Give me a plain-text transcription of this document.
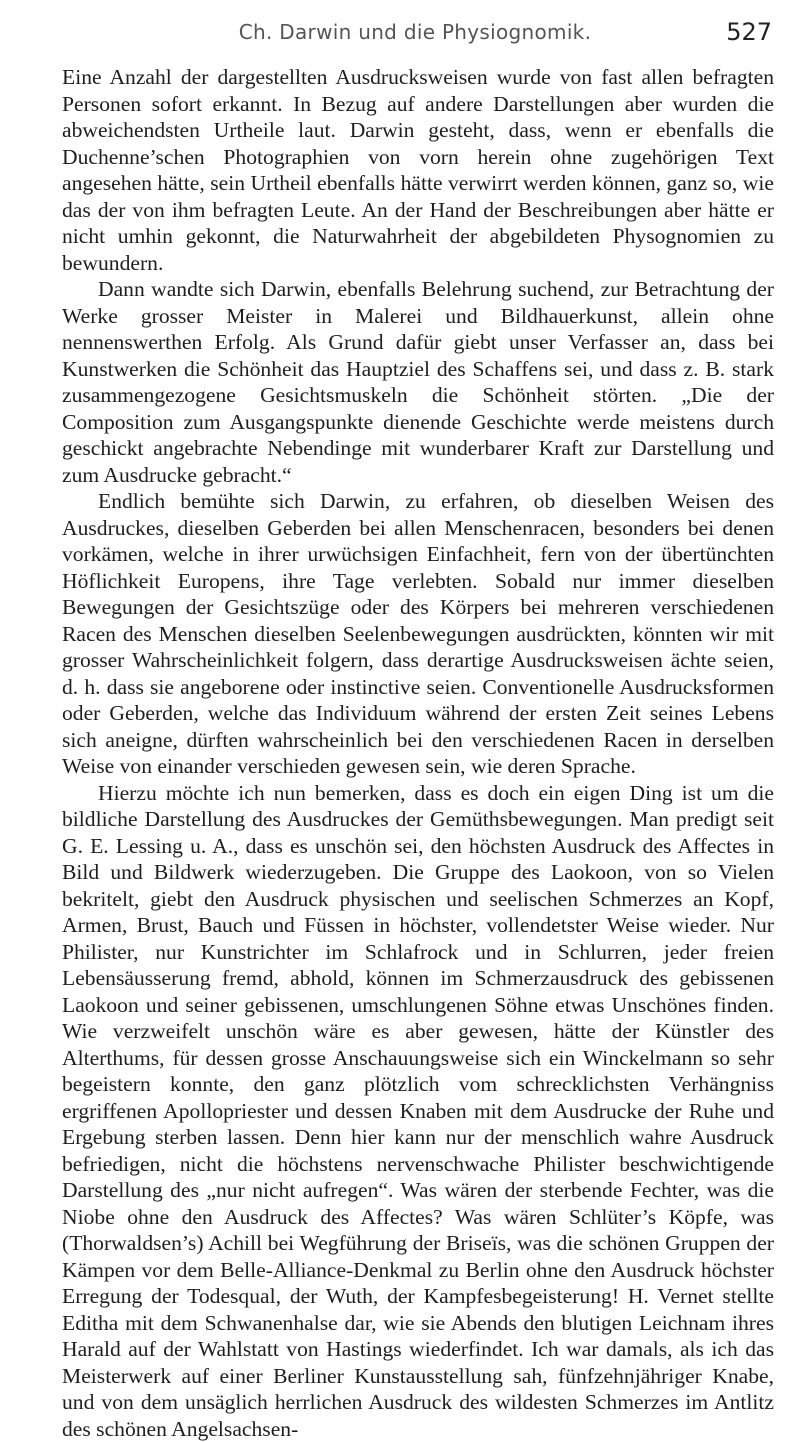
Ch. Darwin und die Physiognomik.	527

Eine Anzahl der dargestellten Ausdrucksweisen wurde von fast allen befragten Personen sofort erkannt. In Bezug auf andere Darstellungen aber wurden die abweichendsten Urtheile laut. Darwin gesteht, dass, wenn er ebenfalls die Duchenne’schen Photographien von vorn herein ohne zugehörigen Text angesehen hätte, sein Urtheil ebenfalls hätte verwirrt werden können, ganz so, wie das der von ihm befragten Leute. An der Hand der Beschreibungen aber hätte er nicht umhin gekonnt, die Naturwahrheit der abgebildeten Physognomien zu bewundern.

Dann wandte sich Darwin, ebenfalls Belehrung suchend, zur Betrachtung der Werke grosser Meister in Malerei und Bildhauerkunst, allein ohne nennenswerthen Erfolg. Als Grund dafür giebt unser Verfasser an, dass bei Kunstwerken die Schönheit das Hauptziel des Schaffens sei, und dass z. B. stark zusammengezogene Gesichtsmuskeln die Schönheit störten. „Die der Composition zum Ausgangspunkte dienende Geschichte werde meistens durch geschickt angebrachte Nebendinge mit wunderbarer Kraft zur Darstellung und zum Ausdrucke gebracht.“

Endlich bemühte sich Darwin, zu erfahren, ob dieselben Weisen des Ausdruckes, dieselben Geberden bei allen Menschenracen, besonders bei denen vorkämen, welche in ihrer urwüchsigen Einfachheit, fern von der übertünchten Höflichkeit Europens, ihre Tage verlebten. Sobald nur immer dieselben Bewegungen der Gesichtszüge oder des Körpers bei mehreren verschiedenen Racen des Menschen dieselben Seelenbewegungen ausdrückten, könnten wir mit grosser Wahrscheinlichkeit folgern, dass derartige Ausdrucksweisen ächte seien, d. h. dass sie angeborene oder instinctive seien. Conventionelle Ausdrucksformen oder Geberden, welche das Individuum während der ersten Zeit seines Lebens sich aneigne, dürften wahrscheinlich bei den verschiedenen Racen in derselben Weise von einander verschieden gewesen sein, wie deren Sprache.

Hierzu möchte ich nun bemerken, dass es doch ein eigen Ding ist um die bildliche Darstellung des Ausdruckes der Gemüthsbewegungen. Man predigt seit G. E. Lessing u. A., dass es unschön sei, den höchsten Ausdruck des Affectes in Bild und Bildwerk wiederzugeben. Die Gruppe des Laokoon, von so Vielen bekritelt, giebt den Ausdruck physischen und seelischen Schmerzes an Kopf, Armen, Brust, Bauch und Füssen in höchster, vollendetster Weise wieder. Nur Philister, nur Kunstrichter im Schlafrock und in Schlurren, jeder freien Lebensäusserung fremd, abhold, können im Schmerzausdruck des gebissenen Laokoon und seiner gebissenen, umschlungenen Söhne etwas Unschönes finden. Wie verzweifelt unschön wäre es aber gewesen, hätte der Künstler des Alterthums, für dessen grosse Anschauungsweise sich ein Winckelmann so sehr begeistern konnte, den ganz plötzlich vom schrecklichsten Verhängniss ergriffenen Apollopriester und dessen Knaben mit dem Ausdrucke der Ruhe und Ergebung sterben lassen. Denn hier kann nur der menschlich wahre Ausdruck befriedigen, nicht die höchstens nervenschwache Philister beschwichtigende Darstellung des „nur nicht aufregen“. Was wären der sterbende Fechter, was die Niobe ohne den Ausdruck des Affectes? Was wären Schlüter’s Köpfe, was (Thorwaldsen’s) Achill bei Wegführung der Briseïs, was die schönen Gruppen der Kämpen vor dem Belle-Alliance-Denkmal zu Berlin ohne den Ausdruck höchster Erregung der Todesqual, der Wuth, der Kampfesbegeisterung! H. Vernet stellte Editha mit dem Schwanenhalse dar, wie sie Abends den blutigen Leichnam ihres Harald auf der Wahlstatt von Hastings wiederfindet. Ich war damals, als ich das Meisterwerk auf einer Berliner Kunstausstellung sah, fünfzehnjähriger Knabe, und von dem unsäglich herrlichen Ausdruck des wildesten Schmerzes im Antlitz des schönen Angelsachsen-
